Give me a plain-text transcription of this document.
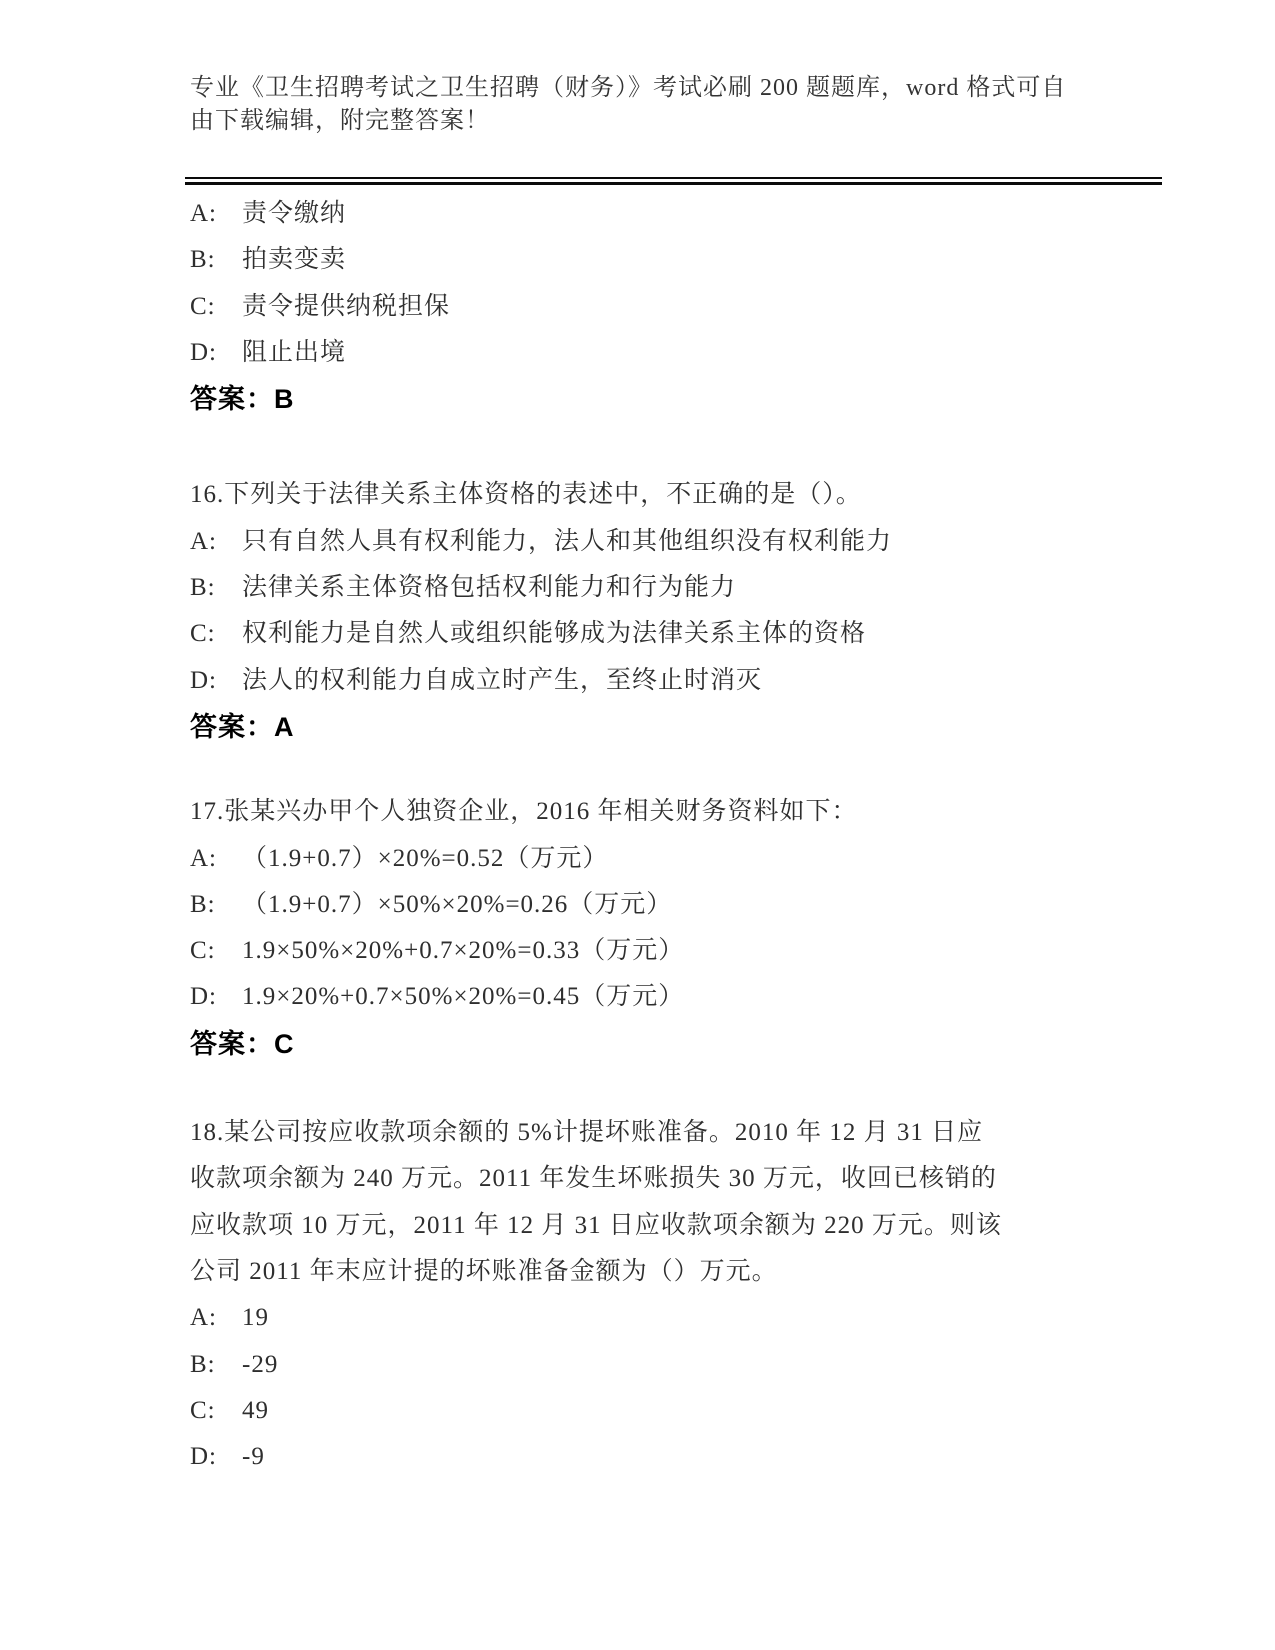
专业《卫生招聘考试之卫生招聘（财务）》考试必刷 200 题题库，word 格式可自
由下载编辑，附完整答案！
A: 责令缴纳
B: 拍卖变卖
C: 责令提供纳税担保
D: 阻止出境
答案：B
16.下列关于法律关系主体资格的表述中，不正确的是（）。
A: 只有自然人具有权利能力，法人和其他组织没有权利能力
B: 法律关系主体资格包括权利能力和行为能力
C: 权利能力是自然人或组织能够成为法律关系主体的资格
D: 法人的权利能力自成立时产生，至终止时消灭
答案：A
17.张某兴办甲个人独资企业，2016 年相关财务资料如下：
A: （1.9+0.7）×20%=0.52（万元）
B: （1.9+0.7）×50%×20%=0.26（万元）
C: 1.9×50%×20%+0.7×20%=0.33（万元）
D: 1.9×20%+0.7×50%×20%=0.45（万元）
答案：C
18.某公司按应收款项余额的 5%计提坏账准备。2010 年 12 月 31 日应
收款项余额为 240 万元。2011 年发生坏账损失 30 万元，收回已核销的
应收款项 10 万元，2011 年 12 月 31 日应收款项余额为 220 万元。则该
公司 2011 年末应计提的坏账准备金额为（）万元。
A: 19
B: -29
C: 49
D: -9
